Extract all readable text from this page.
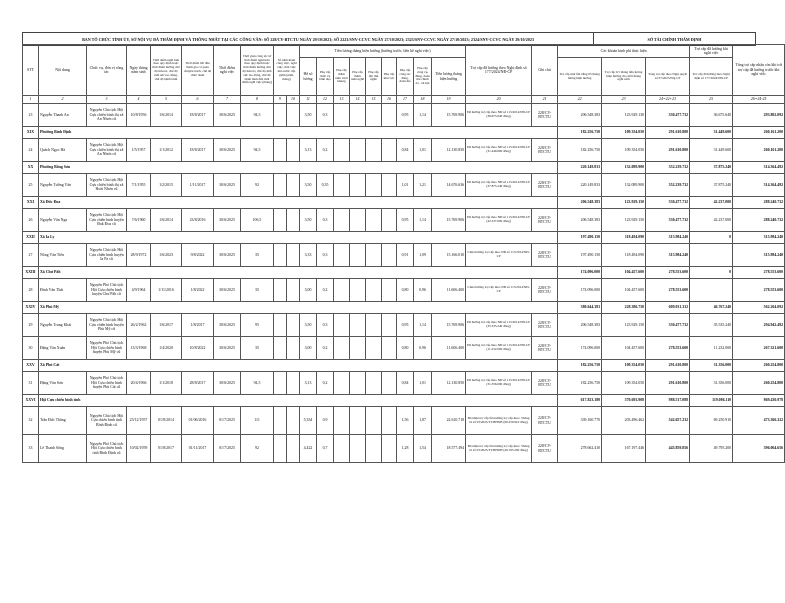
BAN TỔ CHỨC TỈNH ỦY, SỞ NỘI VỤ ĐÃ THẨM ĐỊNH VÀ THÔNG NHẤT TẠI CÁC CÔNG VĂN: SỐ 228/CV-BTCTU NGÀY 29/10/2023; SỐ 2223/SNV-CCVC NGÀY 27/10/2023; 2323/SNV-CCVC NGÀY 27/10/2023; 2324/SNV-CCVC NGÀY 29/10/2023	SỞ TÀI CHÍNH THẨM ĐỊNH
STT	Nội dung	Chức vụ, đơn vị công tác	Ngày tháng năm sinh	Thời điểm nghỉ hưu theo quy định hoặc thời điểm hưởng chế độ hưu trí, chế độ mất sức lao động, chế độ bệnh binh	Thời điểm bắt đầu tham gia cơ quan chuyên trách, chế độ chức danh	Thời điểm nghỉ việc	Thời gian công tác từ thời điểm nghỉ hưu theo quy định hoặc thời điểm hưởng chế độ hưu trí, chế độ mất sức lao động, chế độ bệnh binh đến thời điểm nghỉ việc (tháng)	Số năm tham công việc, nghỉ việc, thôi việc nhà nước cấp giảm (năm, tháng)		Tiền lương tháng hiện hưởng (hưởng trước, liền kề nghỉ việc)									Trợ cấp đã hưởng theo Nghị định số 177/2024/NĐ-CP	Ghi chú	Các khoản kinh phí thực hiện			Trợ cấp đã hưởng khi nghỉ việc	Tổng trợ cấp nhận còn khi trừ trợ cấp đã hưởng trước khi nghỉ việc
										Hệ số lương	Phụ cấp chức vụ lãnh đạo	Phụ cấp thâm niên vượt khung	Phụ cấp thâm niên nghề	Phụ cấp đặc thù nghề	Phụ cấp khu vực	Phụ cấp công tác đảng, đoàn thể	Phụ cấp công vụ, đảng, đoàn thể chính trị - xã hội	Tiền lương tháng hiện hưởng			Trợ cấp một lần bằng 05 tháng lương hiện hưởng	Trợ cấp 0,5 tháng tiền lương hiện hưởng cho mỗi tháng nghỉ sớm	Tổng trợ cấp theo Nghị quyết số 07/2025/NQ-CP	Trợ cấp đã hưởng theo Nghị định số 177/2024/NĐ-CP	
1	2	3	4	5	6	7	8	9	10	11	12	13	14	15	16	17	18	19	20	21	22	23	24=22+23	25	26=24-25
23	Nguyễn Thanh An	Nguyên Chủ tịch Hội Cựu chiến binh thị xã An Nhơn cũ	10/8/1956	1/6/2014	18/8/2017	30/6/2025	94,5			3,50	0,3					0,95	1,14	15.769.906	Đã hưởng trợ cấp theo NĐ số 115/2014/NĐ-CP (38.675.640 đồng)	228/CV-BTCTU	206.548.383	123.929.130	330.477.732	36.675.640	293.802.092
XIX	Phường Bình Định																				182.256.750	109.354.050	291.610.800	31.449.600	260.161.200
24	Quách Ngọc Hà	Nguyên Chủ tịch Hội Cựu chiến binh thị xã An Nhơn cũ	1/5/1957	1/1/2012	18/8/2017	30/6/2025	94,5			3,13	0,2					0,84	1,01	12.130.850	Đã hưởng trợ cấp theo NĐ số 115/2014/NĐ-CP (31.449.600 đồng)	228/CV-BTCTU	182.256.750	109.354.050	291.610.800	31.449.600	260.161.200
XX	Phường Bồng Sơn																				220.149.833	132.089.900	352.239.732	37.875.240	314.364.492
25	Nguyễn Tường Vân	Nguyên Chủ tịch Hội Cựu chiến binh thị xã Hoài Nhơn cũ	7/1/1955	1/2/2015	1/11/2017	30/6/2025	92			3,50	0,35					1,01	1,21	14.676.636	Đã hưởng trợ cấp theo NĐ số 115/2014/NĐ-CP (37.875.240 đồng)	228/CV-BTCTU	220.149.833	132.089.900	352.239.732	37.875.240	314.364.492
XXI	Xã Đức Đoa																				206.548.383	123.929.150	330.477.732	42.237.000	288.240.732
26	Nguyễn Văn Nga	Nguyên Chủ tịch Hội Cựu chiến binh huyện Đak Đoa cũ	7/6/1960	1/6/2014	23/8/2016	30/6/2025	106,5			3,50	0,3					0,95	1,14	15.769.906	Đã hưởng trợ cấp theo NĐ số 115/2014/NĐ-CP (42.237.000 đồng)	228/CV-BTCTU	206.548.383	123.929.150	330.477.732	42.237.000	288.240.732
XXII	Xã Ia Ly																				197.490.150	118.494.090	315.984.240	0	315.984.240
27	Nông Văn Tiến	Nguyên Chủ tịch Hội Cựu chiến binh huyện Ia Pa cũ	28/9/1972	1/6/2023	9/8/2022	30/6/2025	35			3,33	0,3					0,91	1,09	15.166.010	Chưa hưởng trợ cấp theo NĐ số 115/2014/NĐ-CP	228/CV-BTCTU	197.490.150	118.494.090	315.984.240		315.984.240
XXIII	Xã Chư Păh																				174.096.000	104.457.600	278.553.600	0	278.553.600
28	Đinh Văn Thái	Nguyên Phó Chủ tịch Hội Cựu chiến binh huyện Chư Păh cũ	4/9/1964	1/11/2016	1/8/2022	30/6/2025	35			3,00	0,2					0,80	0,96	11.606.400	Chưa hưởng trợ cấp theo NĐ số 115/2014/NĐ-CP	228/CV-BTCTU	174.096.000	104.457.600	278.553.600		278.553.600
XXIV	Xã Phù Mỹ																				380.644.383	228.386.750	609.031.332	46.767.240	562.264.092
29	Nguyễn Trung Khải	Nguyên Chủ tịch Hội Cựu chiến binh huyện Phù Mỹ cũ	26/2/1962	1/6/2017	1/8/2017	30/6/2025	95			3,50	0,3					0,95	1,14	15.769.906	Đã hưởng trợ cấp theo NĐ số 115/2014/NĐ-CP (35.535.240 đồng)	228/CV-BTCTU	206.548.383	123.929.150	330.477.732	35.535.240	294.942.492
30	Đặng Văn Xuân	Nguyên Phó Chủ tịch Hội Cựu chiến binh huyện Phù Mỹ cũ	13/3/1968	1/4/2020	10/8/2022	30/6/2025	35			3,00	0,2					0,80	0,96	11.606.400	Đã hưởng trợ cấp theo NĐ số 115/2014/NĐ-CP (11.232.000 đồng)	228/CV-BTCTU	174.096.000	104.457.600	278.553.600	11.232.000	267.321.600
XXV	Xã Phù Cát																				182.256.750	109.354.050	291.610.800	31.356.000	260.254.800
31	Đặng Văn Sơn	Nguyên Phó Chủ tịch Hội Cựu chiến binh huyện Phù Cát cũ	20/4/1966	1/1/2018	28/8/2017	30/6/2025	94,5			3,13	0,2					0,84	1,01	12.130.850	Đã hưởng trợ cấp theo NĐ số 115/2014/NĐ-CP (31.356.000 đồng)	228/CV-BTCTU	182.256.750	109.354.050	291.610.800	31.356.000	260.254.800
XXVI	Hội Cựu chiến binh tỉnh																				617.823.180	370.693.908	988.517.088	119.086.110	869.430.978
32	Trần Đức Thắng	Nguyên Chủ tịch Hội Cựu chiến binh tỉnh Bình Định cũ	25/12/1957	01/8/2014	01/06/2016	01/7/2025	111			5,334	0,9					1,56	1,87	22.610.718	Đã nhận trợ cấp lần hưởng trợ cấp theo: Thông tư số 03/2023/TT-BHXH (69.250.910 đồng)	228/CV-BTCTU	339.160.770	203.496.462	542.657.232	69.250.910	473.366.322
33	Lê Thanh Sống	Nguyên Phó Chủ tịch Hội Cựu chiến binh tỉnh Bình Định cũ	10/02/1959	01/8/2017	01/11/2017	01/7/2025	92			4,422	0,7					1,28	1,54	18.577.494	Đã nhận trợ cấp lần hưởng trợ cấp theo: Thông tư số 03/2023/TT-BHXH (49.795.200 đồng)	228/CV-BTCTU	278.662.410	167.197.446	445.859.856	49.795.200	396.064.656
